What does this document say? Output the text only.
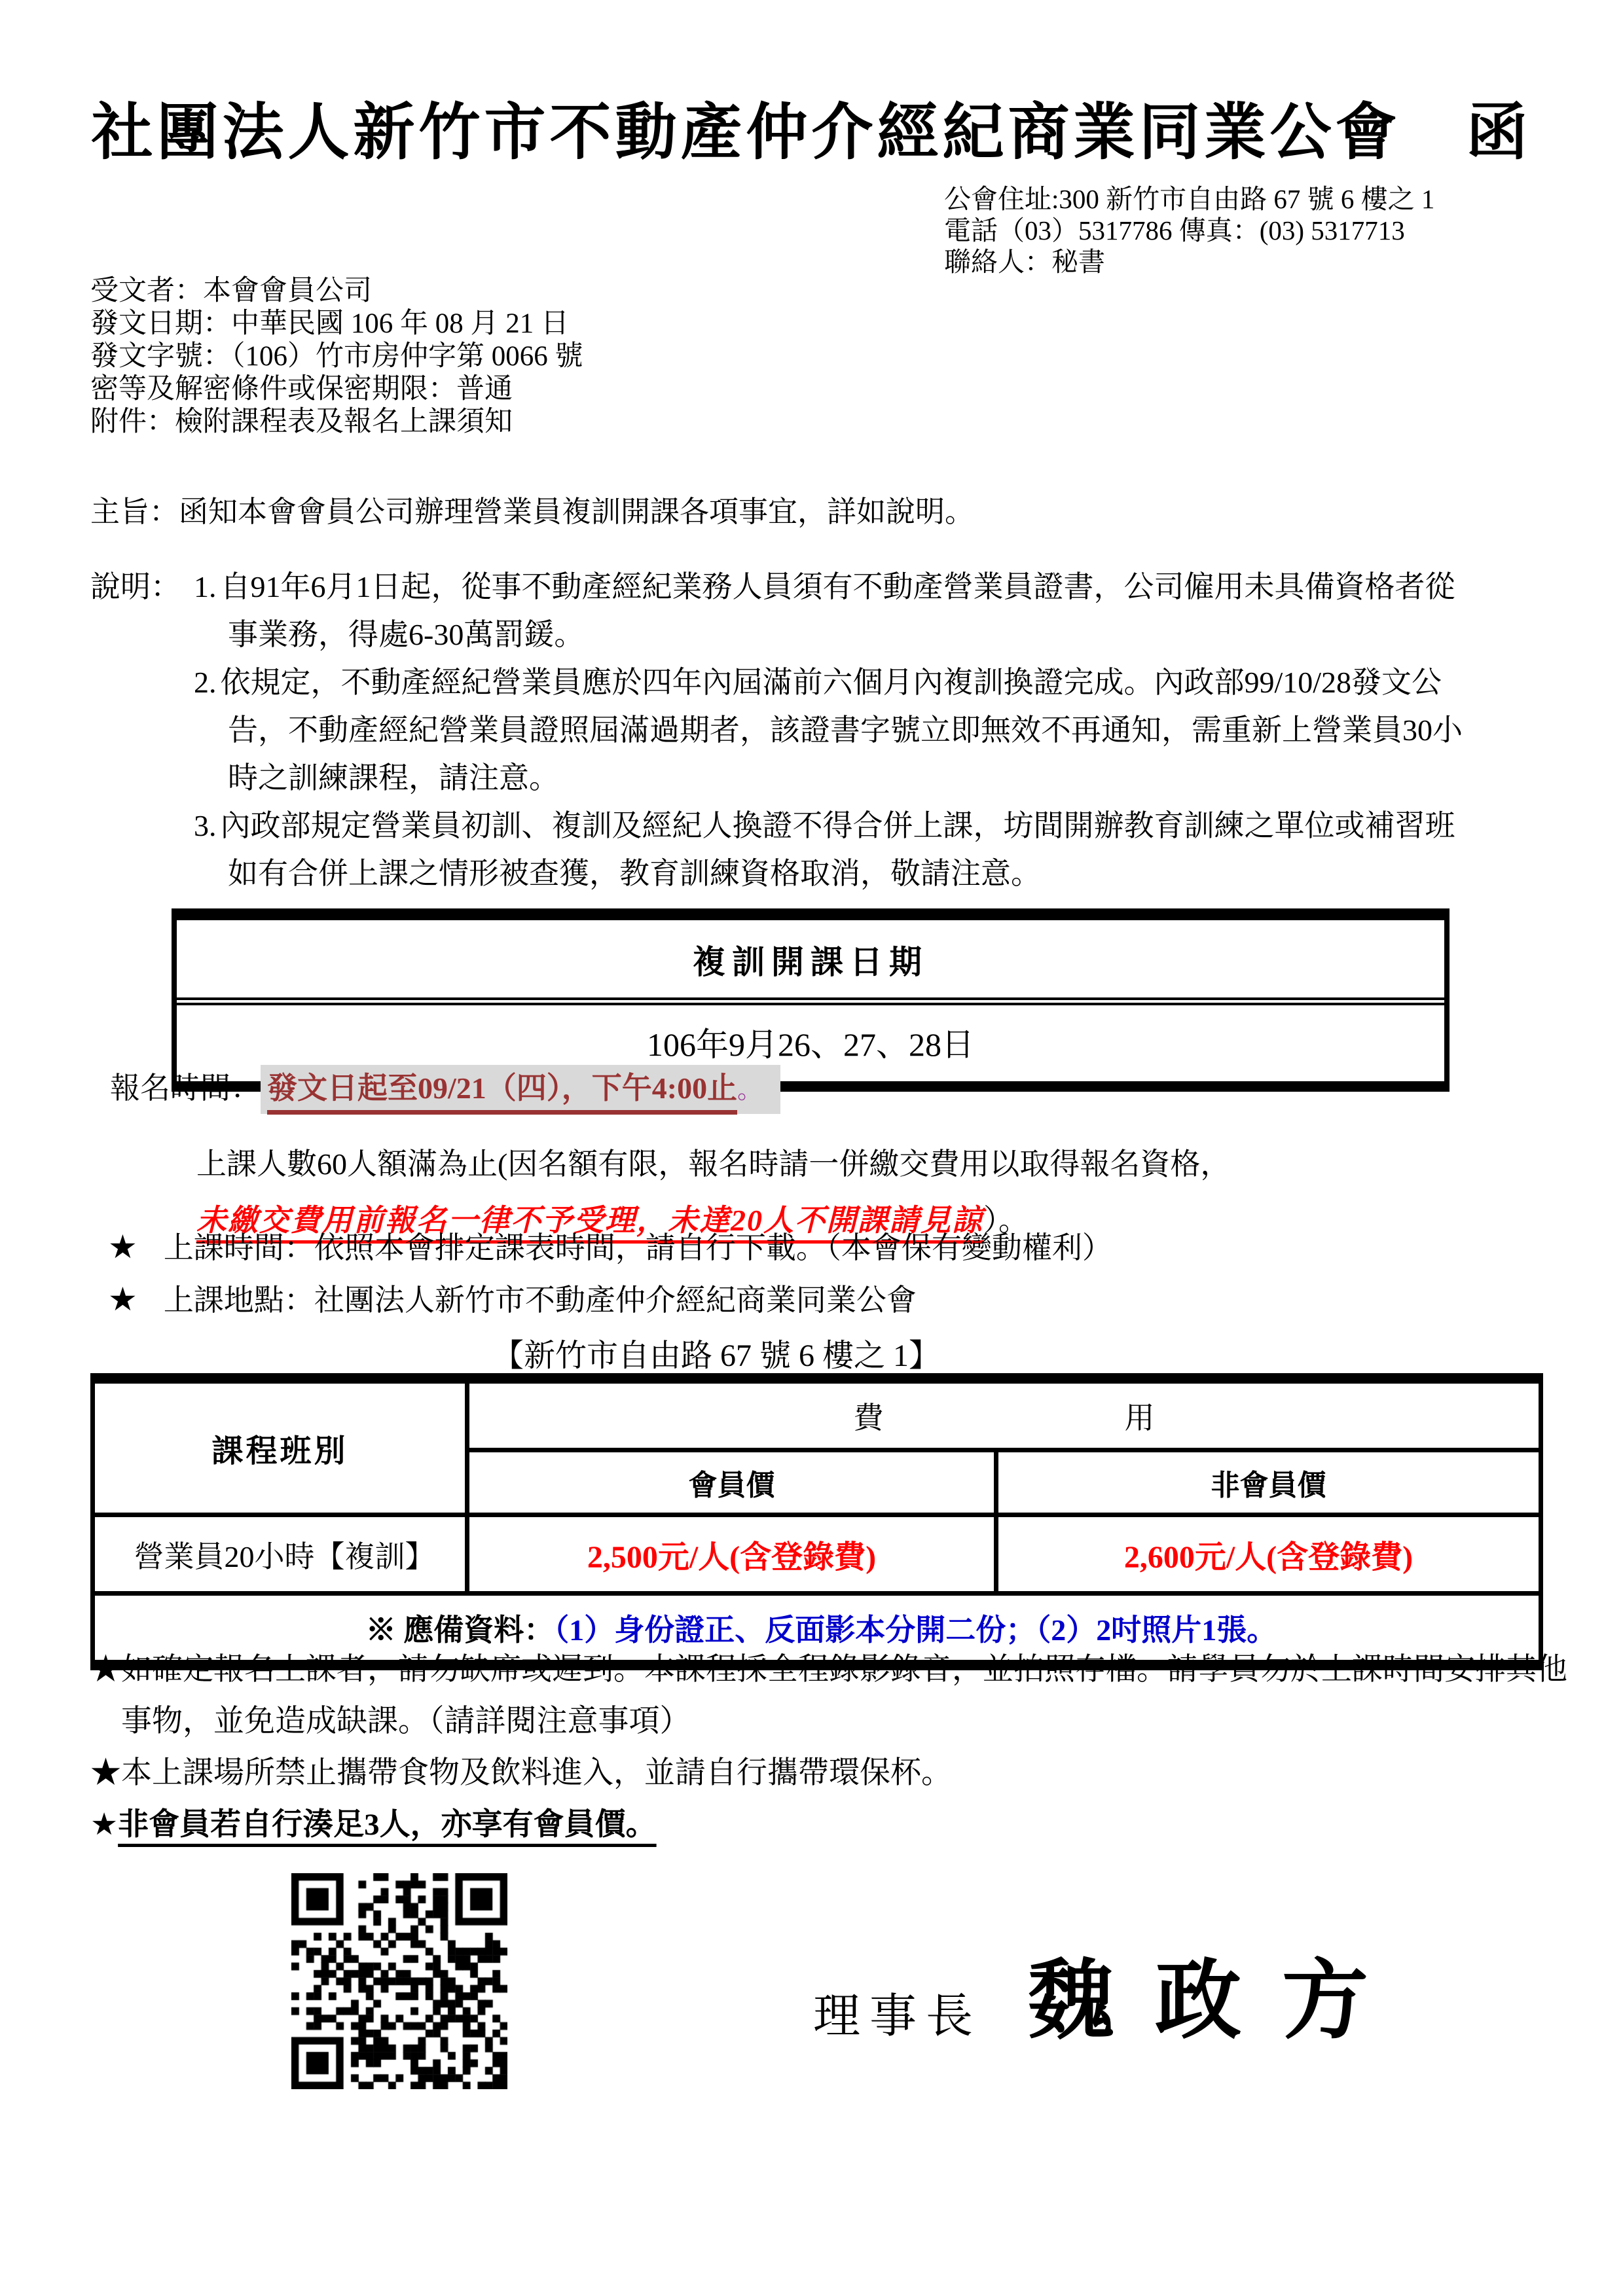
社團法人新竹市不動產仲介經紀商業同業公會　函
公會住址:300 新竹市自由路 67 號 6 樓之 1
電話（03）5317786 傳真：(03) 5317713
聯絡人：秘書
受文者：本會會員公司
發文日期：中華民國 106 年 08 月 21 日
發文字號：（106）竹市房仲字第 0066 號
密等及解密條件或保密期限：普通
附件：檢附課程表及報名上課須知
主旨：函知本會會員公司辦理營業員複訓開課各項事宜，詳如說明。
說明： 1. 自91年6月1日起，從事不動產經紀業務人員須有不動產營業員證書，公司僱用未具備資格者從事業務，得處6-30萬罰鍰。
2. 依規定，不動產經紀營業員應於四年內屆滿前六個月內複訓換證完成。內政部99/10/28發文公告，不動產經紀營業員證照屆滿過期者，該證書字號立即無效不再通知，需重新上營業員30小時之訓練課程，請注意。
3. 內政部規定營業員初訓、複訓及經紀人換證不得合併上課，坊間開辦教育訓練之單位或補習班如有合併上課之情形被查獲，教育訓練資格取消，敬請注意。
複訓開課日期
106年9月26、27、28日
報名時間： 發文日起至09/21（四），下午4:00止。
上課人數60人額滿為止(因名額有限，報名時請一併繳交費用以取得報名資格，
未繳交費用前報名一律不予受理，未達20人不開課請見諒）。
★ 上課時間：依照本會排定課表時間，請自行下載。（本會保有變動權利）
★ 上課地點：社團法人新竹市不動產仲介經紀商業同業公會
【新竹市自由路 67 號 6 樓之 1】
課程班別	費　　　　　　　　用	
	會員價	非會員價
營業員20小時【複訓】	2,500元/人(含登錄費)	2,600元/人(含登錄費)
※ 應備資料：（1）身份證正、反面影本分開二份；（2）2吋照片1張。		
★如確定報名上課者，請勿缺席或遲到。本課程採全程錄影錄音，並拍照存檔。請學員勿於上課時間安排其他事物，並免造成缺課。（請詳閱注意事項）
★本上課場所禁止攜帶食物及飲料進入，並請自行攜帶環保杯。
★非會員若自行湊足3人，亦享有會員價。
理事長 魏政方
